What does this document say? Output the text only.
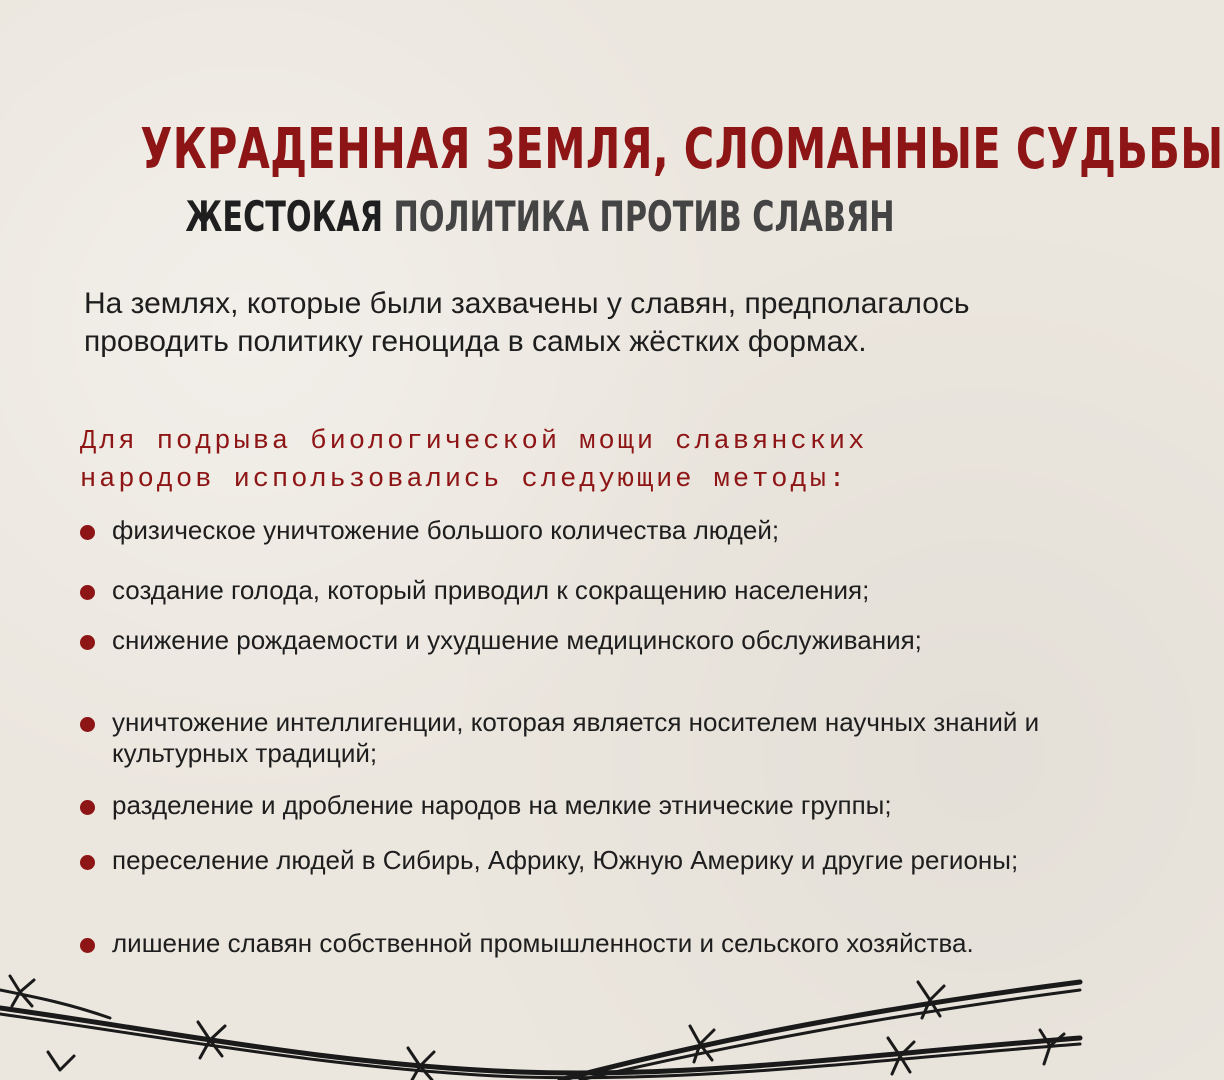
УКРАДЕННАЯ ЗЕМЛЯ, СЛОМАННЫЕ СУДЬБЫ
ЖЕСТОКАЯ ПОЛИТИКА ПРОТИВ СЛАВЯН

На землях, которые были захвачены у славян, предполагалось проводить политику геноцида в самых жёстких формах.

Для подрыва биологической мощи славянских народов использовались следующие методы:

физическое уничтожение большого количества людей;
создание голода, который приводил к сокращению населения;
снижение рождаемости и ухудшение медицинского обслуживания;
уничтожение интеллигенции, которая является носителем научных знаний и культурных традиций;
разделение и дробление народов на мелкие этнические группы;
переселение людей в Сибирь, Африку, Южную Америку и другие регионы;
лишение славян собственной промышленности и сельского хозяйства.
